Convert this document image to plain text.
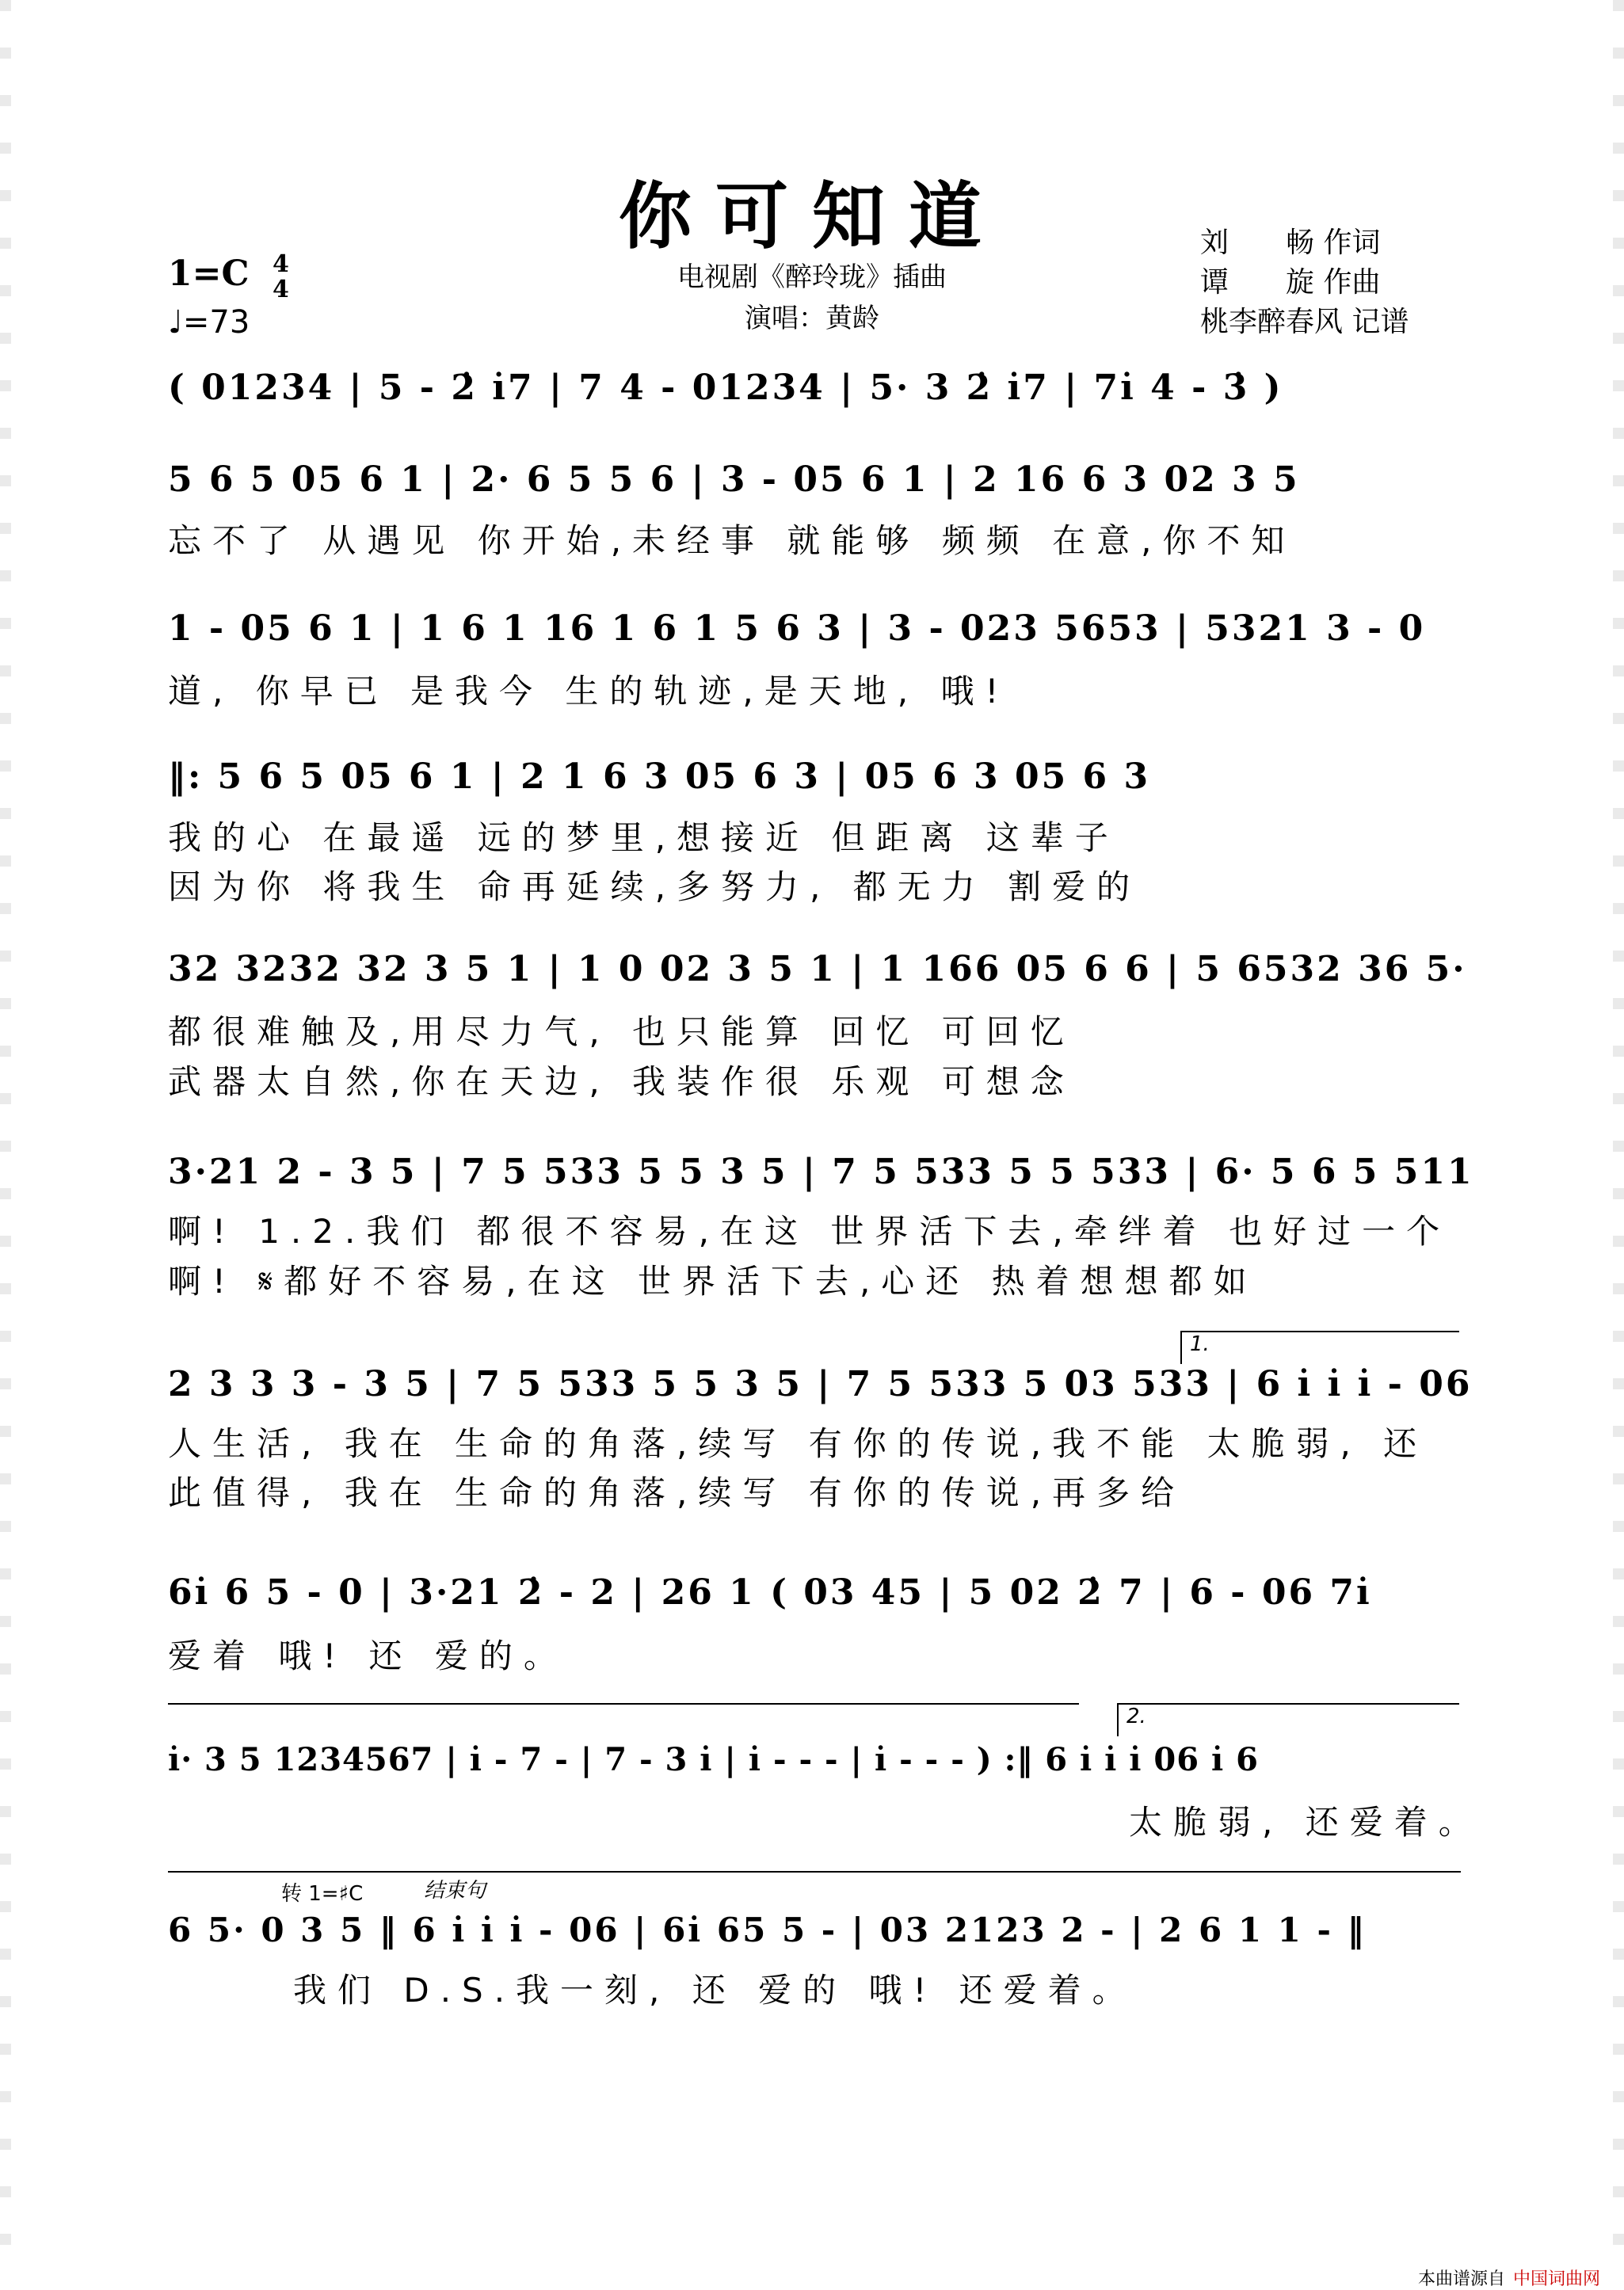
你可知道
电视剧《醉玲珑》插曲
演唱：黄龄
1=C 4
4
♩=73
刘　　畅 作词
谭　　旋 作曲
桃李醉春风 记谱
( 01234 | 5 - 2̇ i̇7 | 7 4 - 01234 | 5· 3 2̇ i̇7 | 7i̇ 4 - 3̇ )
5 6 5 05 6 1 | 2· 6 5 5 6 | 3 - 05 6 1 | 2 16 6 3 02 3 5
忘不了 从遇见 你开始,未经事 就能够 频频 在意,你不知
1 - 05 6 1 | 1 6 1 16 1 6 1 5 6 3 | 3 - 023 5653 | 5321 3 - 0
道, 你早已 是我今 生的轨迹,是天地, 哦!
‖: 5 6 5 05 6 1 | 2 1 6 3 05 6 3 | 05 6 3 05 6 3
我的心 在最遥 远的梦里,想接近 但距离 这辈子
因为你 将我生 命再延续,多努力, 都无力 割爱的
32 3232 32 3 5 1 | 1 0 02 3 5 1 | 1 166 05 6 6 | 5 6532 36 5·
都很难触及,用尽力气, 也只能算 回忆 可回忆
武器太自然,你在天边, 我装作很 乐观 可想念
3·21 2 - 3 5 | 7 5 533 5 5 3 5 | 7 5 533 5 5 533 | 6· 5 6 5 511
啊! 1.2.我们 都很不容易,在这 世界活下去,牵绊着 也好过一个
啊! 𝄋都好不容易,在这 世界活下去,心还 热着想想都如
1.
2 3 3 3 - 3 5 | 7 5 533 5 5 3 5 | 7 5 533 5 03 533 | 6 i̇ i̇ i̇ - 06
人生活, 我在 生命的角落,续写 有你的传说,我不能 太脆弱, 还
此值得, 我在 生命的角落,续写 有你的传说,再多给
6i̇ 6 5 - 0 | 3·21 2̇ - 2 | 26 1 ( 03 45 | 5 02 2̇ 7 | 6 - 06 7i̇
爱着 哦! 还 爱的。
2.
i̇· 3 5 1234567 | i̇ - 7 - | 7 - 3 i̇ | i̇ - - - | i̇ - - - ) :‖ 6 i̇ i̇ i̇ 06 i̇ 6
太脆弱, 还爱着。
转 1=♯C	结束句
6 5· 0 3 5 ‖ 6 i̇ i̇ i̇ - 06 | 6i̇ 65 5 - | 03 2123 2 - | 2 6 1 1 - ‖
我们 D.S.我一刻, 还 爱的 哦! 还爱着。
本曲谱源自 中国词曲网
